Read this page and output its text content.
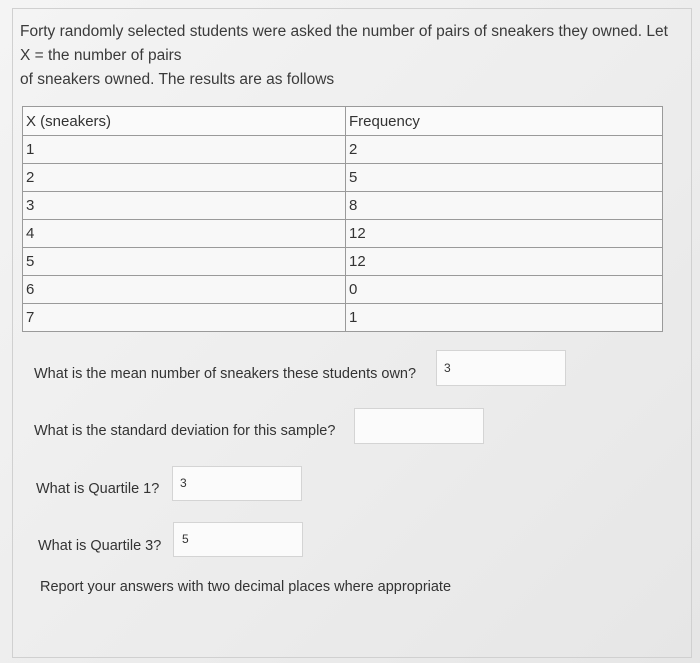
Forty randomly selected students were asked the number of pairs of sneakers they owned. Let
X = the number of pairs
of sneakers owned. The results are as follows
X (sneakers)	Frequency
1	2
2	5
3	8
4	12
5	12
6	0
7	1
What is the mean number of sneakers these students own? 3
What is the standard deviation for this sample?
What is Quartile 1? 3
What is Quartile 3? 5
Report your answers with two decimal places where appropriate
